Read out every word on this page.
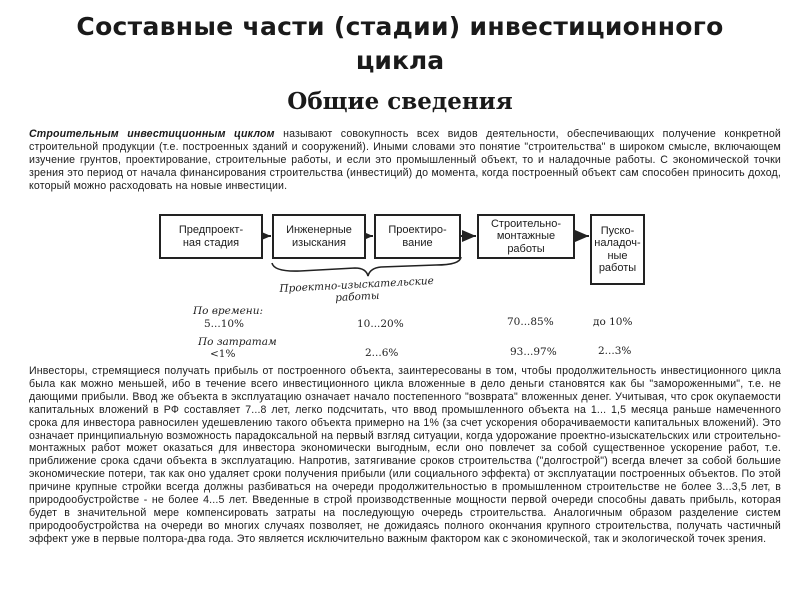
Составные части (стадии) инвестиционного
цикла
Общие сведения
Строительным инвестиционным циклом называют совокупность всех видов деятельности, обеспечивающих получение конкретной строительной продукции (т.е. построенных зданий и сооружений). Иными словами это понятие "строительства" в широком смысле, включающем изучение грунтов, проектирование, строительные работы, и если это промышленный объект, то и наладочные работы. С экономической точки зрения это период от начала финансирования строительства (инвестиций) до момента, когда построенный объект сам способен приносить доход, который можно расходовать на новые инвестиции.
Предпроект-
ная стадия
Инженерные
изыскания
Проектиро-
вание
Строительно-
монтажные
работы
Пуско-
наладоч-
ные
работы
Проектно-изыскательские
работы
По времени:
5...10%	10...20%	70...85%	до 10%
По затратам
<1%	2...6%	93...97%	2...3%
Инвесторы, стремящиеся получать прибыль от построенного объекта, заинтересованы в том, чтобы продолжительность инвестиционного цикла была как можно меньшей, ибо в течение всего инвестиционного цикла вложенные в дело деньги становятся как бы "замороженными", т.е. не дающими прибыли. Ввод же объекта в эксплуатацию означает начало постепенного "возврата" вложенных денег. Учитывая, что срок окупаемости капитальных вложений в РФ составляет 7...8 лет, легко подсчитать, что ввод промышленного объекта на 1... 1,5 месяца раньше намеченного срока для инвестора равносилен удешевлению такого объекта примерно на 1% (за счет ускорения оборачиваемости капитальных вложений). Это означает принципиальную возможность парадоксальной на первый взгляд ситуации, когда удорожание проектно-изыскательских или строительно-монтажных работ может оказаться для инвестора экономически выгодным, если оно повлечет за собой существенное ускорение работ, т.е. приближение срока сдачи объекта в эксплуатацию. Напротив, затягивание сроков строительства ("долгострой") всегда влечет за собой большие экономические потери, так как оно удаляет сроки получения прибыли (или социального эффекта) от эксплуатации построенных объектов. По этой причине крупные стройки всегда должны разбиваться на очереди продолжительностью в промышленном строительстве не более 3...3,5 лет, в природообустройстве - не более 4...5 лет. Введенные в строй производственные мощности первой очереди способны давать прибыль, которая будет в значительной мере компенсировать затраты на последующую очередь строительства. Аналогичным образом разделение систем природообустройства на очереди во многих случаях позволяет, не дожидаясь полного окончания крупного строительства, получать частичный эффект уже в первые полтора-два года. Это является исключительно важным фактором как с экономической, так и экологической точек зрения.
